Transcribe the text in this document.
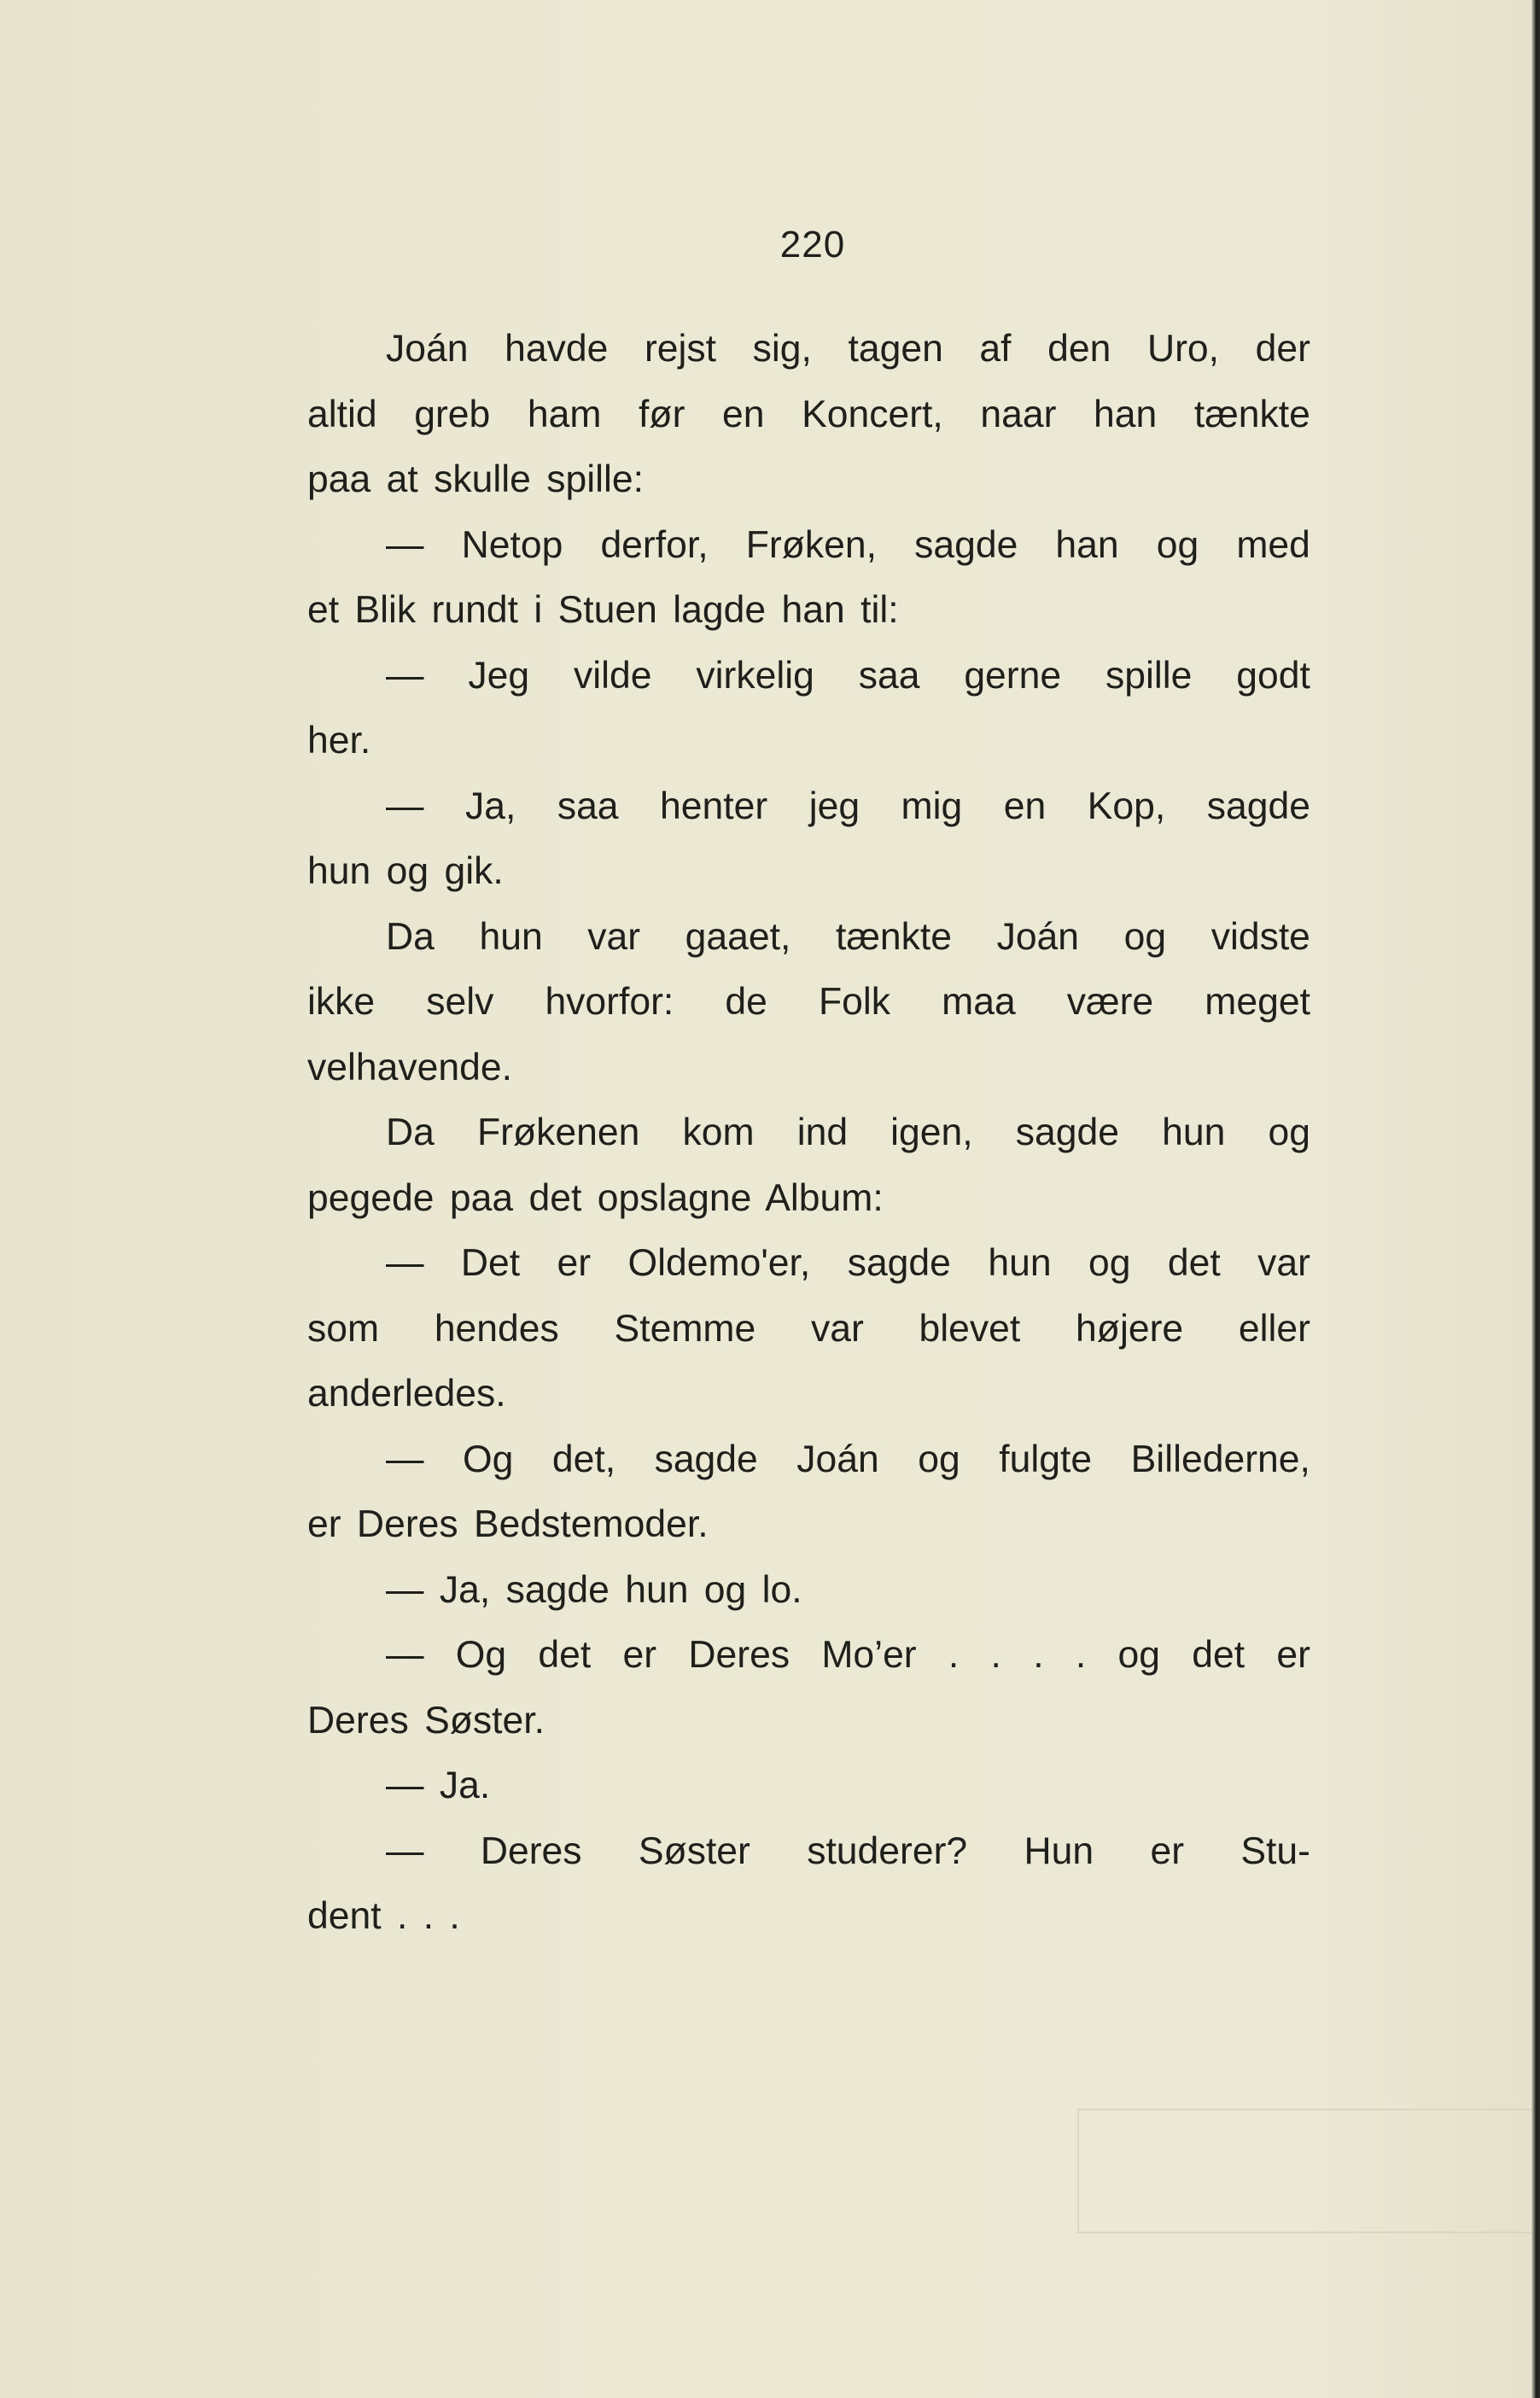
220
Joán havde rejst sig, tagen af den Uro, der
altid greb ham før en Koncert, naar han tænkte
paa at skulle spille:
— Netop derfor, Frøken, sagde han og med
et Blik rundt i Stuen lagde han til:
— Jeg vilde virkelig saa gerne spille godt
her.
— Ja, saa henter jeg mig en Kop, sagde
hun og gik.
Da hun var gaaet, tænkte Joán og vidste
ikke selv hvorfor: de Folk maa være meget
velhavende.
Da Frøkenen kom ind igen, sagde hun og
pegede paa det opslagne Album:
— Det er Oldemo'er, sagde hun og det var
som hendes Stemme var blevet højere eller
anderledes.
— Og det, sagde Joán og fulgte Billederne,
er Deres Bedstemoder.
— Ja, sagde hun og lo.
— Og det er Deres Mo’er . . . . og det er
Deres Søster.
— Ja.
— Deres Søster studerer? Hun er Stu-
dent . . .
